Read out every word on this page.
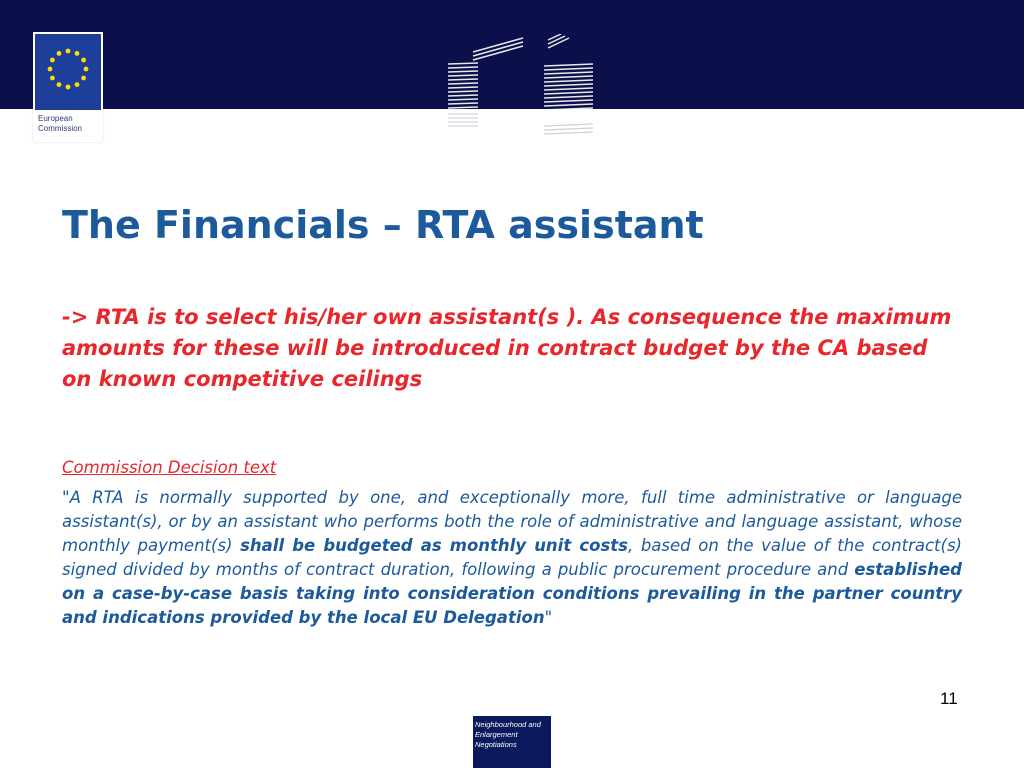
European
Commission
The Financials – RTA assistant

-> RTA is to select his/her own assistant(s ). As consequence the maximum amounts for these will be introduced in contract budget by the CA based on known competitive ceilings

Commission Decision text

"A RTA is normally supported by one, and exceptionally more, full time administrative or language assistant(s), or by an assistant who performs both the role of administrative and language assistant, whose monthly payment(s) shall be budgeted as monthly unit costs, based on the value of the contract(s) signed divided by months of contract duration, following a public procurement procedure and established on a case-by-case basis taking into consideration conditions prevailing in the partner country and indications provided by the local EU Delegation"

11
Neighbourhood and
Enlargement
Negotiations
